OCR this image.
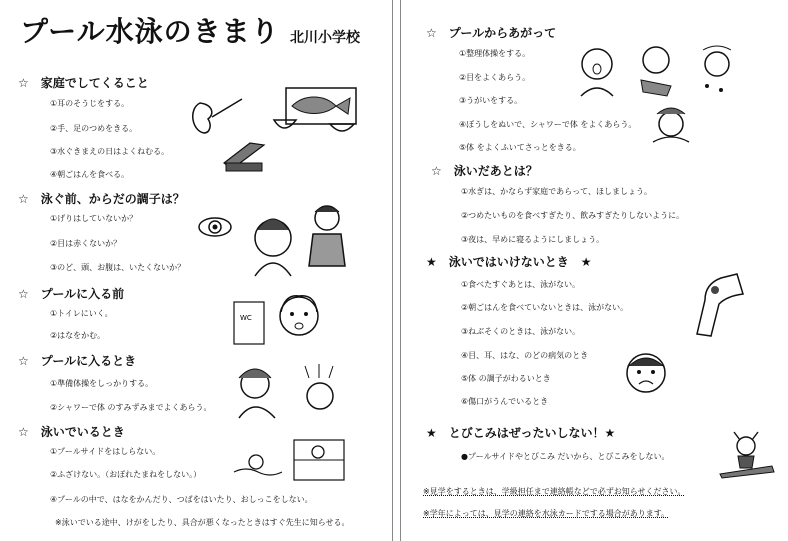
プール水泳のきまり 北川小学校
☆　家庭でしてくること
①耳のそうじをする。
②手、足のつめをきる。
③水ぐきまえの日はよくねむる。
④朝ごはんを食べる。
☆　泳ぐ前、からだの調子は？
①げりはしていないか？
②目は赤くないか？
③のど、頭、お腹は、いたくないか？
☆　プールに入る前
①トイレにいく。
②はなをかむ。
☆　プールに入るとき
①準備体操をしっかりする。
②シャワーで体 のすみずみまでよくあらう。
☆　泳いでいるとき
①プールサイドをはしらない。
②ふざけない。（おぼれたまねをしない。）
④プールの中で、はなをかんだり、つばをはいたり、おしっこをしない。
※泳いでいる途中、けがをしたり、具合が悪くなったときはすぐ先生に知らせる。
WC
☆　プールからあがって
①整理体操をする。
②目をよくあらう。
③うがいをする。
④ぼうしをぬいで、シャワーで体 をよくあらう。
⑤体 をよくふいてさっとをきる。
☆　泳いだあとは？
①水ぎは、かならず家庭であらって、ほしましょう。
②つめたいものを食べすぎたり、飲みすぎたりしないように。
③夜は、早めに寝るようにしましょう。
★　泳いではいけないとき　★
①食べたすぐあとは、泳がない。
②朝ごはんを食べていないときは、泳がない。
③ねぶそくのときは、泳がない。
④目、耳、はな、のどの病気のとき
⑤体 の調子がわるいとき
⑥傷口がうんでいるとき
★　とびこみはぜったいしない！★
●プールサイドやとびこみ だいから、とびこみをしない。
※見学をするときは、学級担任まで連絡帳などで必ずお知らせください。
※学年によっては、見学の連絡を水泳カードでする場合があります。
